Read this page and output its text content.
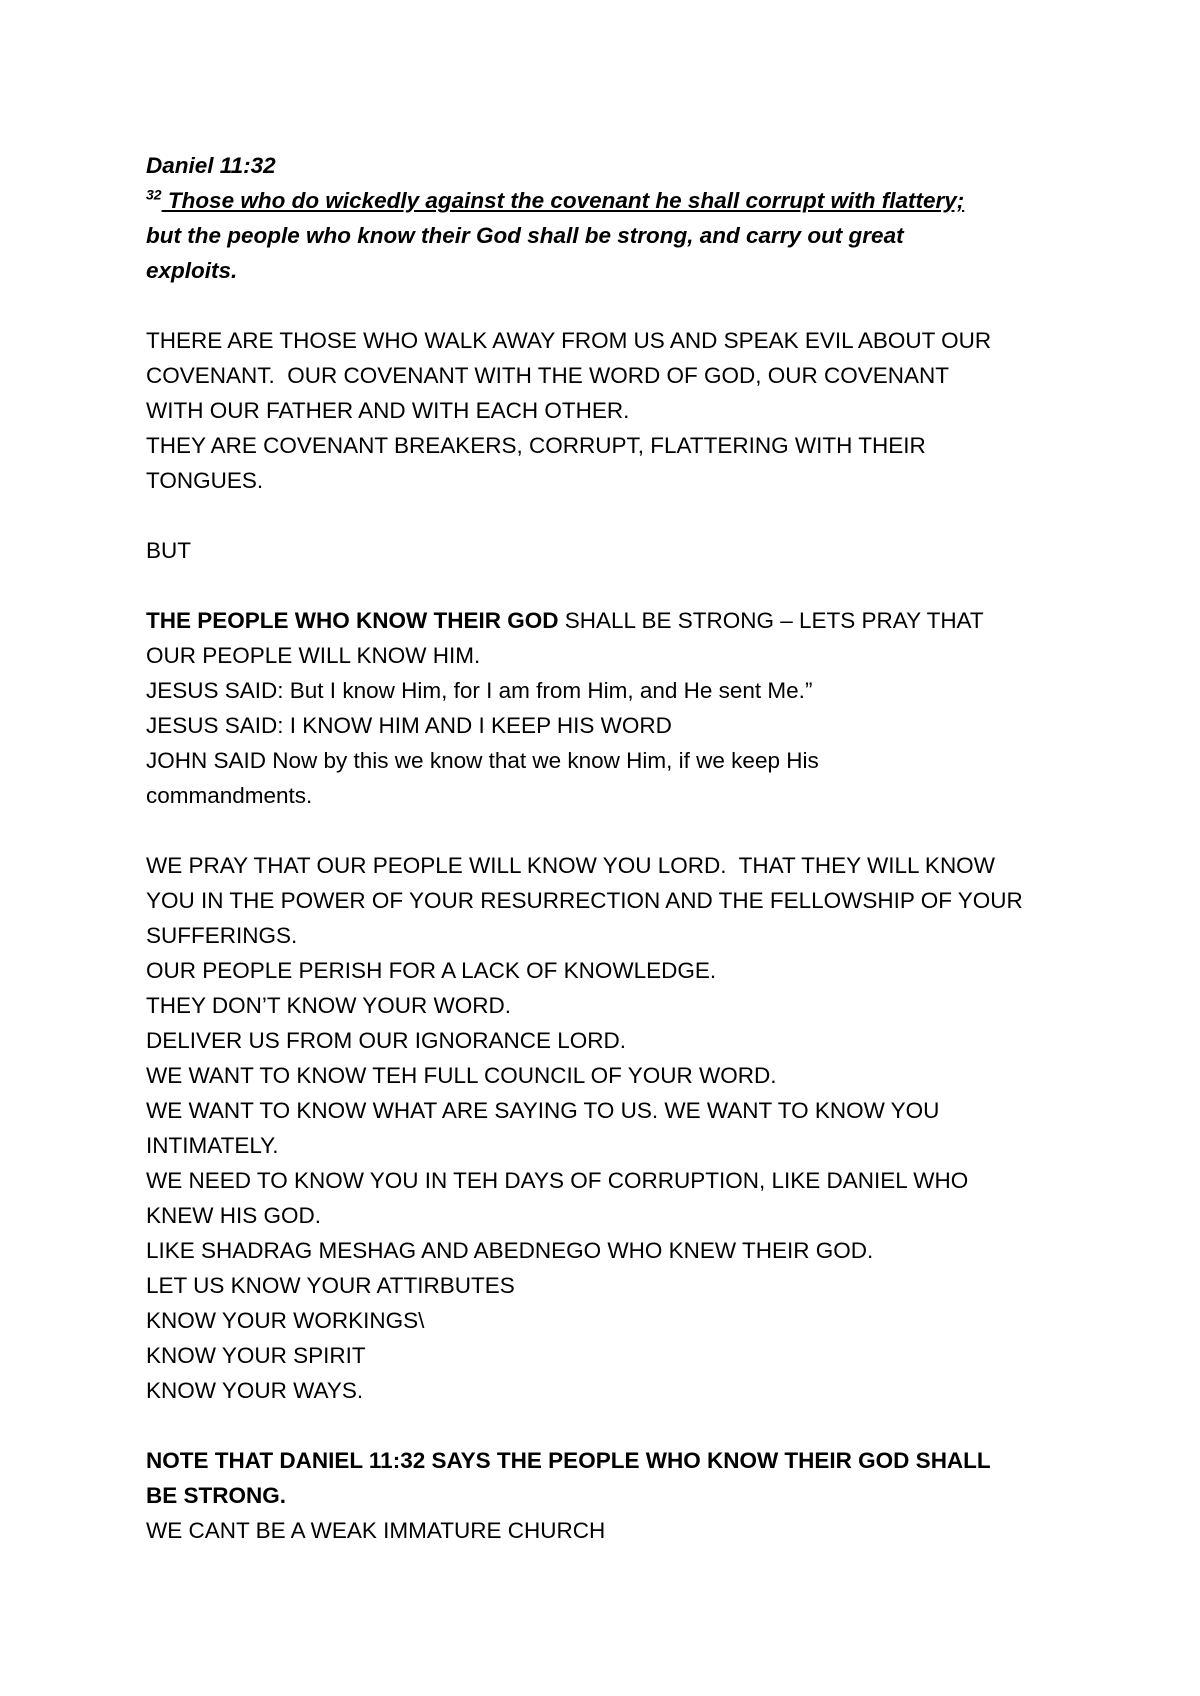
Daniel 11:32
$^{32}$ Those who do wickedly against the covenant he shall corrupt with flattery;
but the people who know their God shall be strong, and carry out great
exploits.
THERE ARE THOSE WHO WALK AWAY FROM US AND SPEAK EVIL ABOUT OUR
COVENANT.  OUR COVENANT WITH THE WORD OF GOD, OUR COVENANT
WITH OUR FATHER AND WITH EACH OTHER.
THEY ARE COVENANT BREAKERS, CORRUPT, FLATTERING WITH THEIR
TONGUES.
BUT
THE PEOPLE WHO KNOW THEIR GOD SHALL BE STRONG – LETS PRAY THAT
OUR PEOPLE WILL KNOW HIM.
JESUS SAID: But I know Him, for I am from Him, and He sent Me.”
JESUS SAID: I KNOW HIM AND I KEEP HIS WORD
JOHN SAID Now by this we know that we know Him, if we keep His
commandments.
WE PRAY THAT OUR PEOPLE WILL KNOW YOU LORD.  THAT THEY WILL KNOW
YOU IN THE POWER OF YOUR RESURRECTION AND THE FELLOWSHIP OF YOUR
SUFFERINGS.
OUR PEOPLE PERISH FOR A LACK OF KNOWLEDGE.
THEY DON’T KNOW YOUR WORD.
DELIVER US FROM OUR IGNORANCE LORD.
WE WANT TO KNOW TEH FULL COUNCIL OF YOUR WORD.
WE WANT TO KNOW WHAT ARE SAYING TO US. WE WANT TO KNOW YOU
INTIMATELY.
WE NEED TO KNOW YOU IN TEH DAYS OF CORRUPTION, LIKE DANIEL WHO
KNEW HIS GOD.
LIKE SHADRAG MESHAG AND ABEDNEGO WHO KNEW THEIR GOD.
LET US KNOW YOUR ATTIRBUTES
KNOW YOUR WORKINGS\
KNOW YOUR SPIRIT
KNOW YOUR WAYS.
NOTE THAT DANIEL 11:32 SAYS THE PEOPLE WHO KNOW THEIR GOD SHALL
BE STRONG.
WE CANT BE A WEAK IMMATURE CHURCH
